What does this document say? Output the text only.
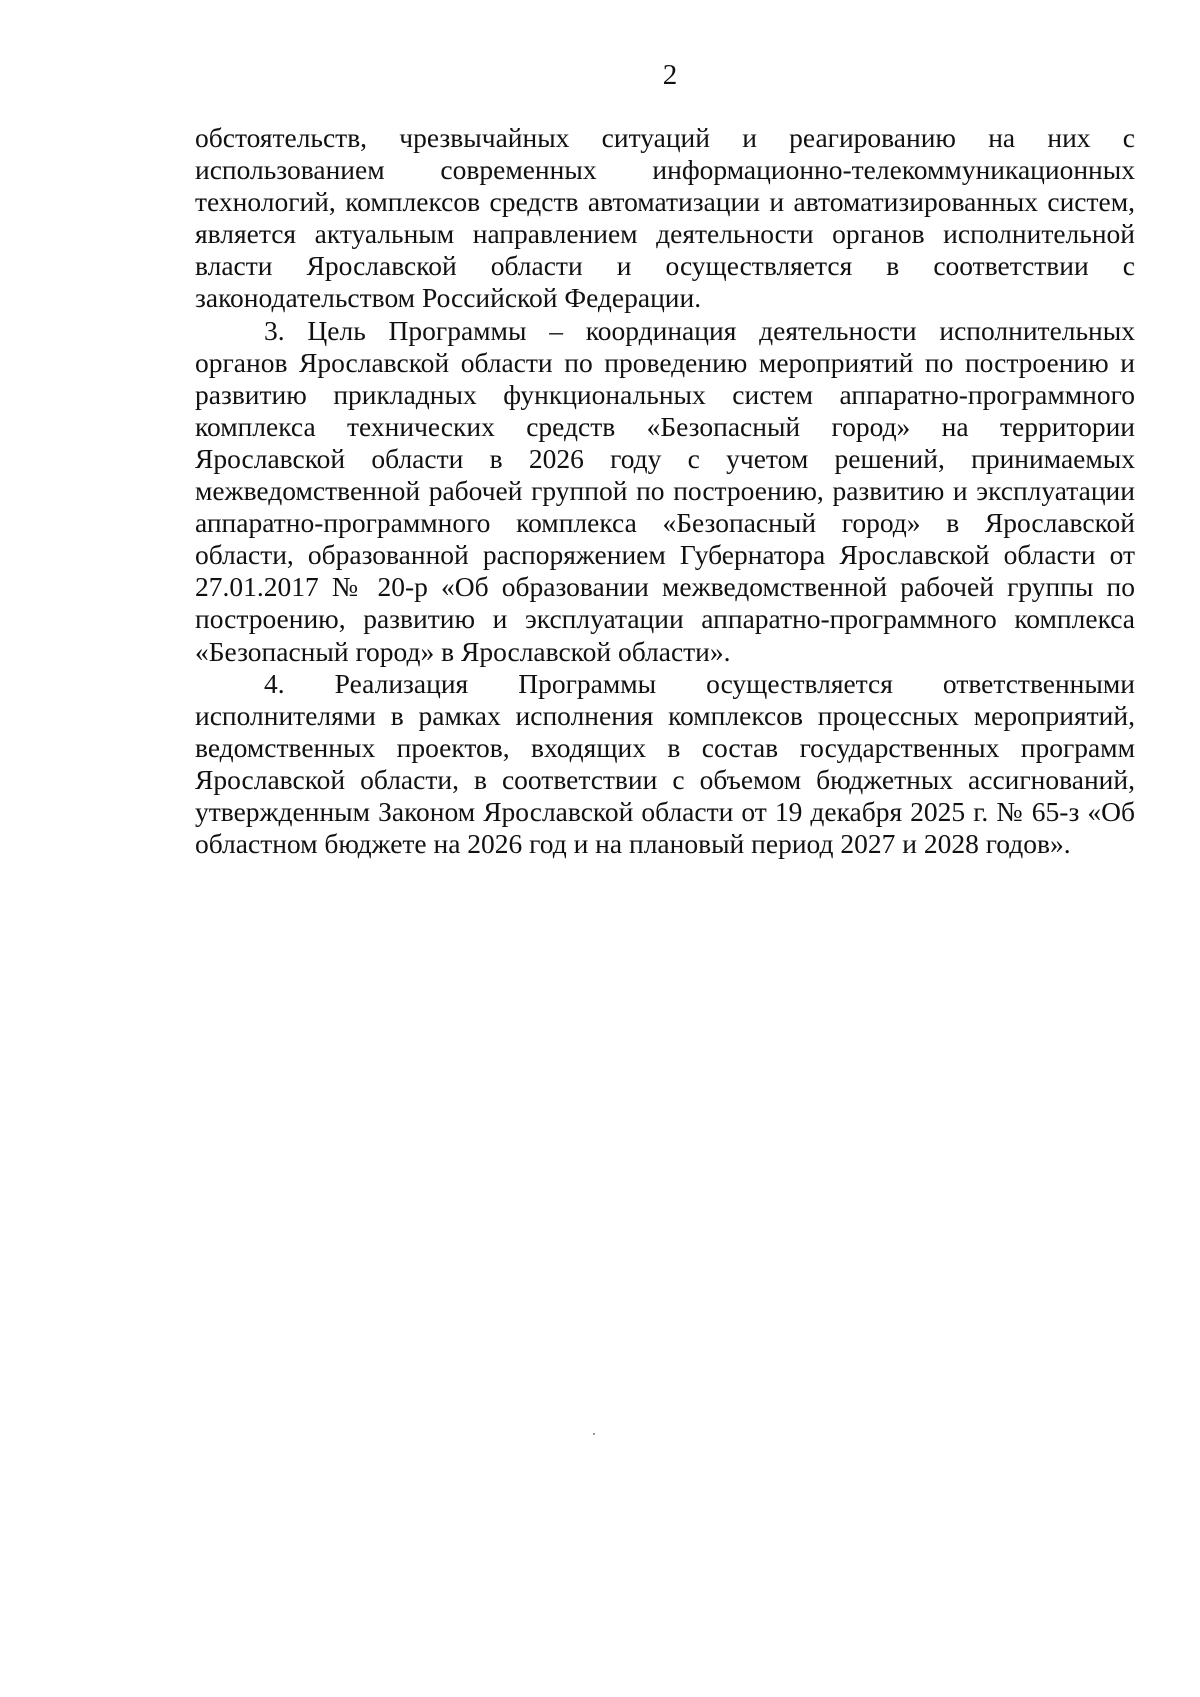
2

обстоятельств, чрезвычайных ситуаций и реагированию на них с использованием современных информационно-телекоммуникационных технологий, комплексов средств автоматизации и автоматизированных систем, является актуальным направлением деятельности органов исполнительной власти Ярославской области и осуществляется в соответствии с законодательством Российской Федерации.

3. Цель Программы – координация деятельности исполнительных органов Ярославской области по проведению мероприятий по построению и развитию прикладных функциональных систем аппаратно-программного комплекса технических средств «Безопасный город» на территории Ярославской области в 2026 году с учетом решений, принимаемых межведомственной рабочей группой по построению, развитию и эксплуатации аппаратно-программного комплекса «Безопасный город» в Ярославской области, образованной распоряжением Губернатора Ярославской области от 27.01.2017 № 20-р «Об образовании межведомственной рабочей группы по построению, развитию и эксплуатации аппаратно-программного комплекса «Безопасный город» в Ярославской области».

4. Реализация Программы осуществляется ответственными исполнителями в рамках исполнения комплексов процессных мероприятий, ведомственных проектов, входящих в состав государственных программ Ярославской области, в соответствии с объемом бюджетных ассигнований, утвержденным Законом Ярославской области от 19 декабря 2025 г. № 65-з «Об областном бюджете на 2026 год и на плановый период 2027 и 2028 годов».
